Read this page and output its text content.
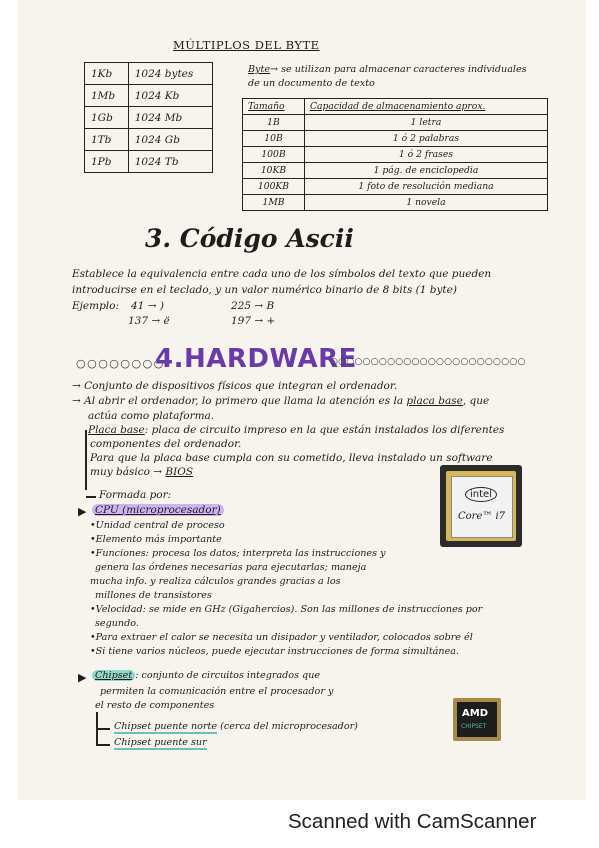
MÚLTIPLOS DEL BYTE
1Kb	1024 bytes
1Mb	1024 Kb
1Gb	1024 Mb
1Tb	1024 Gb
1Pb	1024 Tb
Byte→ se utilizan para almacenar caracteres individuales
de un documento de texto
Tamaño	Capacidad de almacenamiento aprox.
1B	1 letra
10B	1 ó 2 palabras
100B	1 ó 2 frases
10KB	1 pág. de enciclopedia
100KB	1 foto de resolución mediana
1MB	1 novela
3. Código Ascii
Establece la equivalencia entre cada uno de los símbolos del texto que pueden
introducirse en el teclado, y un valor numérico binario de 8 bits (1 byte)
Ejemplo: 41 → )	225 → B
137 → ë	197 → +
○○○○○○○○
4.HARDWARE
○○○○○○○○○○○○○○○○○○○○○○○○
→ Conjunto de dispositivos físicos que integran el ordenador.
→ Al abrir el ordenador, lo primero que llama la atención es la placa base, que
actúa como plataforma.
Placa base: placa de circuito impreso en la que están instalados los diferentes
componentes del ordenador.
Para que la placa base cumpla con su cometido, lleva instalado un software
muy básico → BIOS
Formada por:
▶ CPU (microprocesador)
•Unidad central de proceso
•Elemento más importante
•Funciones: procesa los datos; interpreta las instrucciones y
genera las órdenes necesarias para ejecutarlas; maneja
mucha info. y realiza cálculos grandes gracias a los
millones de transistores
•Velocidad: se mide en GHz (Gigahercios). Son las millones de instrucciones por
segundo.
•Para extraer el calor se necesita un disipador y ventilador, colocados sobre él
•Si tiene varios núcleos, puede ejecutar instrucciones de forma simultánea.
intel
Core™ i7
▶ Chipset : conjunto de circuitos integrados que
permiten la comunicación entre el procesador y
el resto de componentes
Chipset puente norte (cerca del microprocesador)
Chipset puente sur
AMD
CHIPSET
Scanned with CamScanner
